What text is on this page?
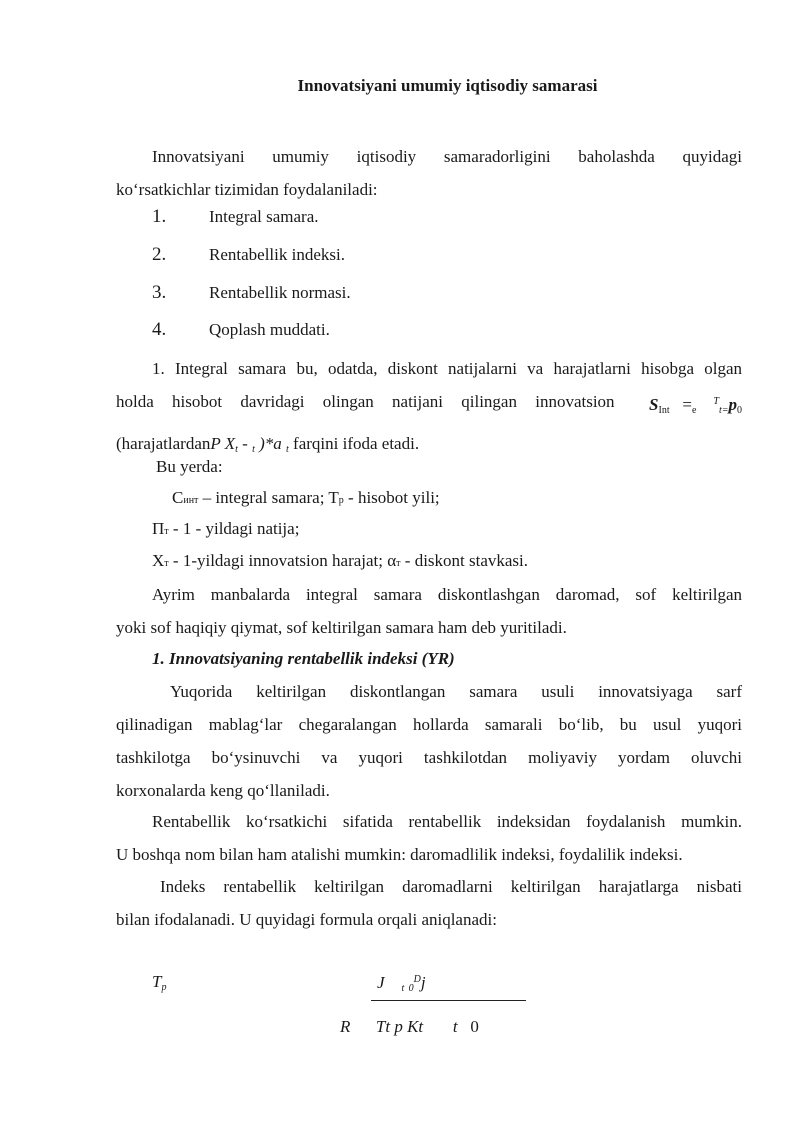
Innovatsiyani umumiy iqtisodiy samarasi
Innovatsiyani umumiy iqtisodiy samaradorligini baholashda quyidagi
ko‘rsatkichlar tizimidan foydalaniladi:
1.	Integral samara.
2.	Rentabellik indeksi.
3.	Rentabellik normasi.
4.	Qoplash muddati.
1. Integral samara bu, odatda, diskont natijalarni va harajatlarni hisobga olgan
holda hisobot davridagi olingan natijani qilingan innovatsion $S_{Int} =_e$    $^T_{t=}p_0$
(harajatlardanP $X_t - _t$ )*a $_t$ farqini ifoda etadi.
Bu yerda:
Cинт – integral samara; Tp - hisobot yili;
Пт - 1 - yildagi natija;
Хт - 1-yildagi innovatsion harajat; αт - diskont stavkasi.
Ayrim manbalarda integral samara diskontlashgan daromad, sof keltirilgan
yoki sof haqiqiy qiymat, sof keltirilgan samara ham deb yuritiladi.
1. Innovatsiyaning rentabellik indeksi (YR)
Yuqorida keltirilgan diskontlangan samara usuli innovatsiyaga sarf
qilinadigan mablag‘lar chegaralangan hollarda samarali bo‘lib, bu usul yuqori
tashkilotga bo‘ysinuvchi va yuqori tashkilotdan moliyaviy yordam oluvchi
korxonalarda keng qo‘llaniladi.
Rentabellik ko‘rsatkichi sifatida rentabellik indeksidan foydalanish mumkin.
U boshqa nom bilan ham atalishi mumkin: daromadlilik indeksi, foydalilik indeksi.
Indeks rentabellik keltirilgan daromadlarni keltirilgan harajatlarga nisbati
bilan ifodalanadi. U quyidagi formula orqali aniqlanadi:
$T_p$	J $_t$ $_0^D$j
R Tt p Kt t 0
